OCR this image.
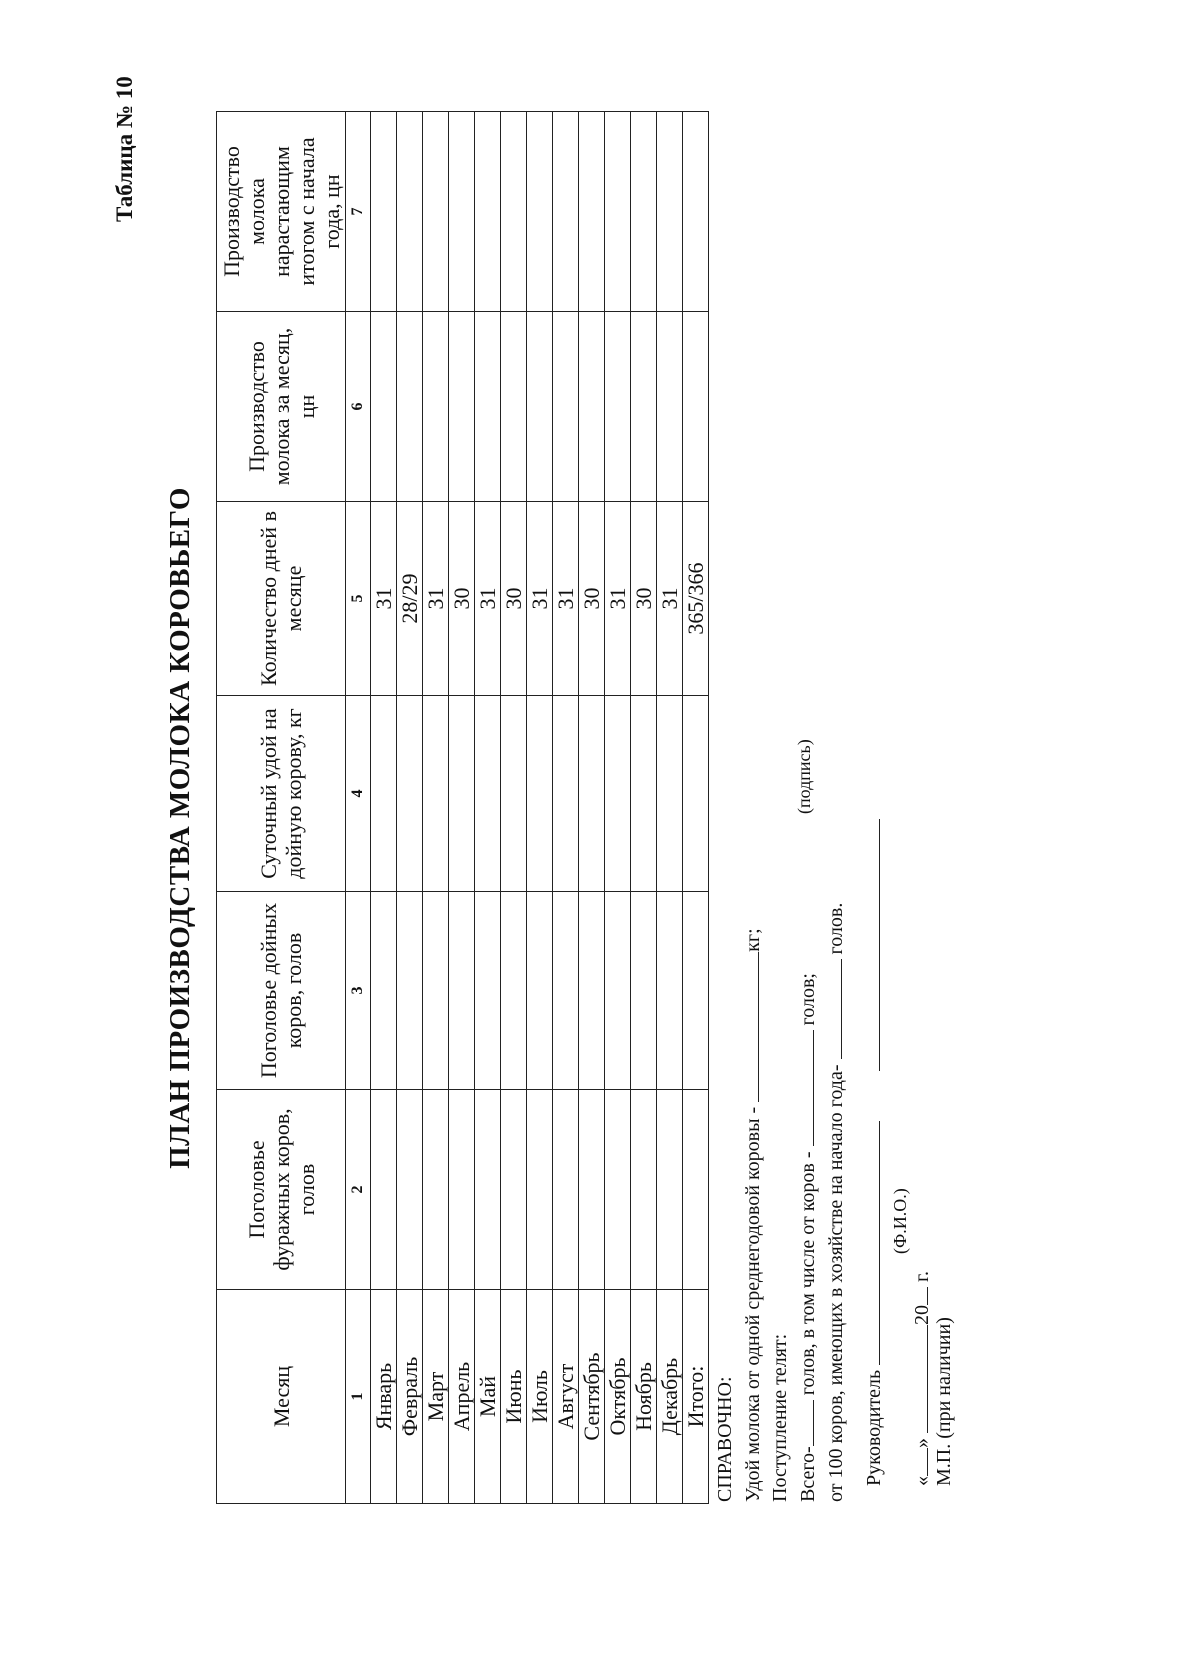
Таблица № 10
ПЛАН ПРОИЗВОДСТВА МОЛОКА КОРОВЬЕГО
Месяц	Поголовье фуражных коров, голов	Поголовье дойных коров, голов	Суточный удой на дойную корову, кг	Количество дней в месяце	Производство молока за месяц, цн	Производство молока нарастающим итогом с начала года, цн
1	2	3	4	5	6	7
Январь				31		
Февраль				28/29		
Март				31		
Апрель				30		
Май				31		
Июнь				30		
Июль				31		
Август				31		
Сентябрь				30		
Октябрь				31		
Ноябрь				30		
Декабрь				31		
Итого:				365/366		
СПРАВОЧНО: Удой молока от одной среднегодовой коровы - кг;
Поступление телят: Всего- голов, в том числе от коров -  голов;
от 100 коров, имеющих в хозяйстве на начало года-  голов.
Руководитель
(Ф.И.О.)
(подпись)
«» 20 г.
М.П. (при наличии)
